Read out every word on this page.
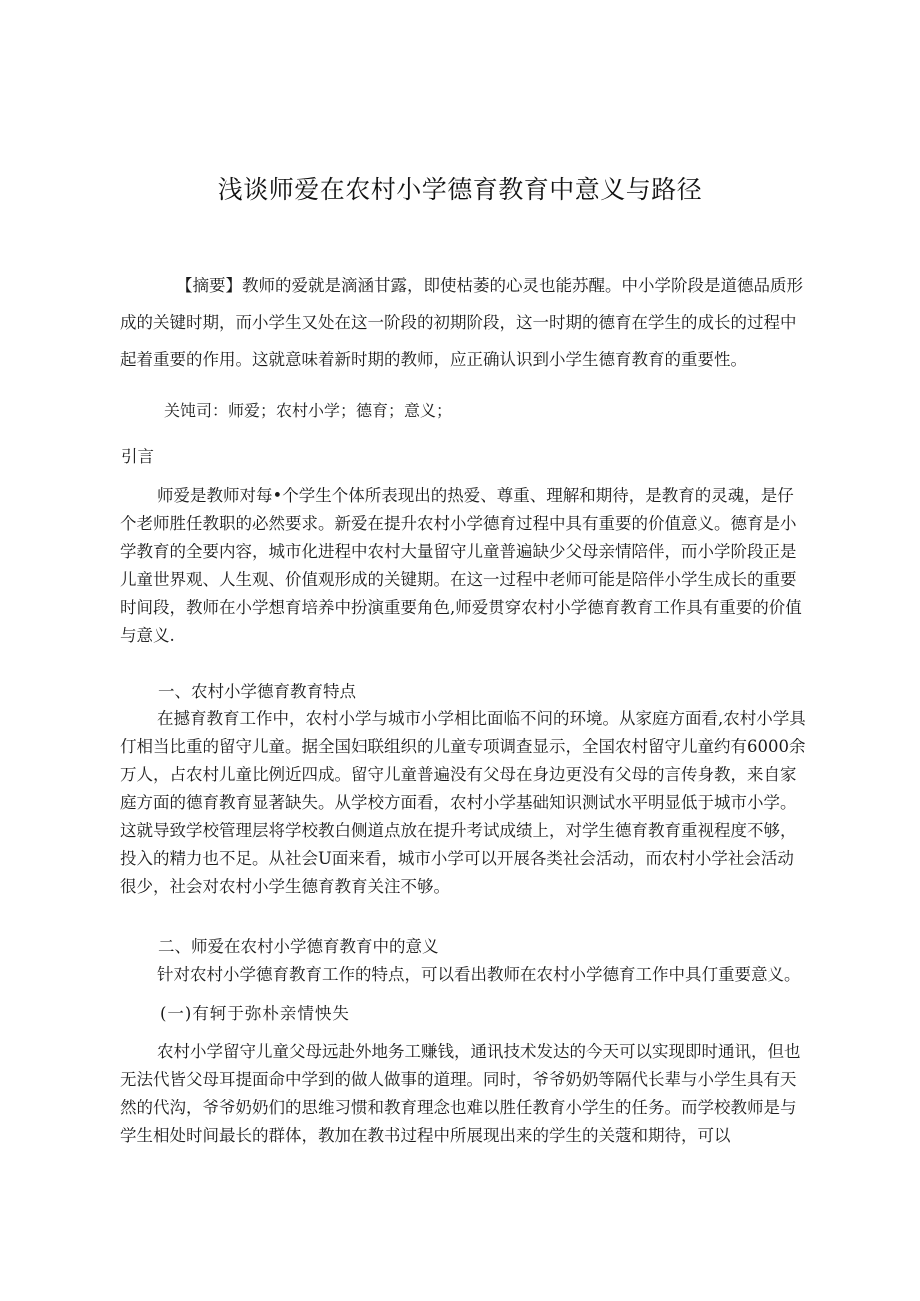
浅谈师爱在农村小学德育教育中意义与路径

【摘要】教师的爱就是滴涵甘露，即使枯萎的心灵也能苏醒。中小学阶段是道德品质形成的关键时期，而小学生又处在这一阶段的初期阶段，这一时期的德育在学生的成长的过程中起着重要的作用。这就意味着新时期的教师，应正确认识到小学生德育教育的重要性。

关饨司：师爱；农村小学；德育；意义；

引言

师爱是教师对每•个学生个体所表现出的热爱、尊重、理解和期待，是教育的灵魂，是仔个老师胜任教职的必然要求。新爱在提升农村小学德育过程中具有重要的价值意义。德育是小学教育的全要内容，城市化进程中农村大量留守儿童普遍缺少父母亲情陪伴，而小学阶段正是儿童世界观、人生观、价值观形成的关键期。在这一过程中老师可能是陪伴小学生成长的重要时间段，教师在小学想育培养中扮演重要角色,师爱贯穿农村小学德育教育工作具有重要的价值与意义.

一、农村小学德育教育特点

在撼育教育工作中，农村小学与城市小学相比面临不问的环境。从家庭方面看,农村小学具仃相当比重的留守儿童。据全国妇联组织的儿童专项调查显示，全国农村留守儿童约有6000余万人，占农村儿童比例近四成。留守儿童普遍没有父母在身边更没有父母的言传身教，来自家庭方面的德育教育显著缺失。从学校方面看，农村小学基础知识测试水平明显低于城市小学。这就导致学校管理层将学校教白侧道点放在提升考试成绩上，对学生德育教育重视程度不够，投入的精力也不足。从社会U面来看，城市小学可以开展各类社会活动，而农村小学社会活动很少，社会对农村小学生德育教育关注不够。

二、师爱在农村小学德育教育中的意义

针对农村小学德育教育工作的特点，可以看出教师在农村小学德育工作中具仃重要意义。

(一)有轲于弥朴亲情怏失

农村小学留守儿童父母远赴外地务工赚钱，通讯技术发达的今天可以实现即时通讯，但也无法代皆父母耳提面命中学到的做人做事的道理。同时，爷爷奶奶等隔代长辈与小学生具有天然的代沟，爷爷奶奶们的思维习惯和教育理念也难以胜任教育小学生的任务。而学校教师是与学生相处时间最长的群体，教加在教书过程中所展现出来的学生的关蔻和期待，可以
